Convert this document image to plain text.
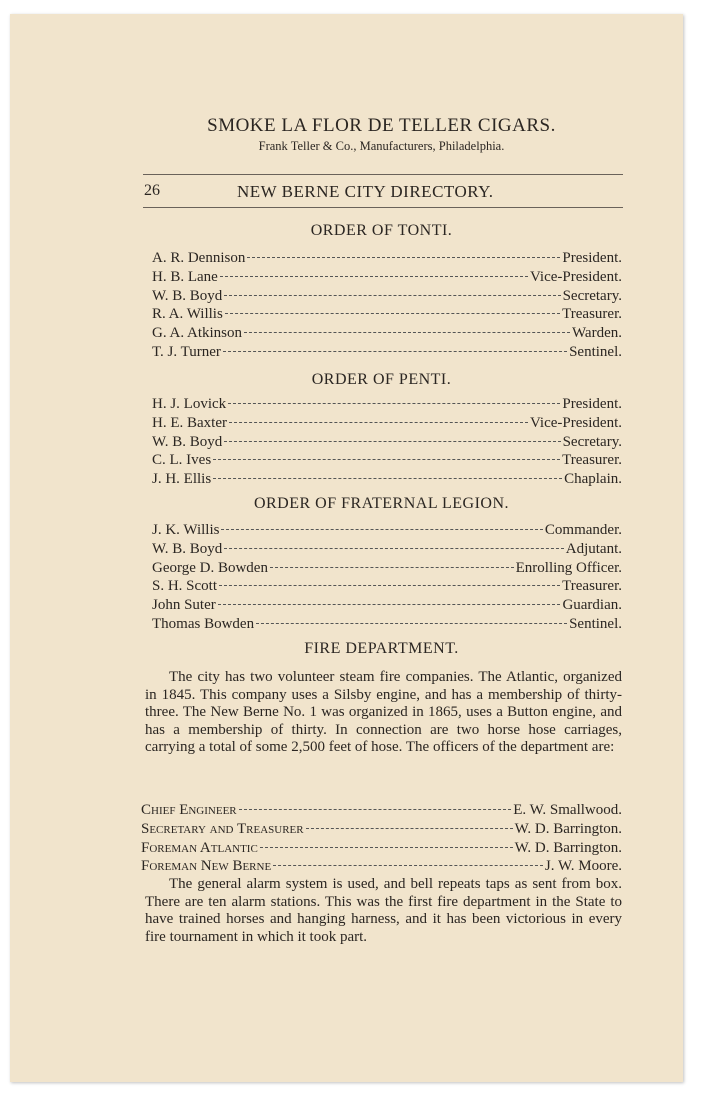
SMOKE LA FLOR DE TELLER CIGARS.
Frank Teller & Co., Manufacturers, Philadelphia.
26	NEW BERNE CITY DIRECTORY.
ORDER OF TONTI.
A. R. Dennison	President.
H. B. Lane	Vice-President.
W. B. Boyd	Secretary.
R. A. Willis	Treasurer.
G. A. Atkinson	Warden.
T. J. Turner	Sentinel.
ORDER OF PENTI.
H. J. Lovick	President.
H. E. Baxter	Vice-President.
W. B. Boyd	Secretary.
C. L. Ives	Treasurer.
J. H. Ellis	Chaplain.
ORDER OF FRATERNAL LEGION.
J. K. Willis	Commander.
W. B. Boyd	Adjutant.
George D. Bowden	Enrolling Officer.
S. H. Scott	Treasurer.
John Suter	Guardian.
Thomas Bowden	Sentinel.
FIRE DEPARTMENT.
The city has two volunteer steam fire companies. The Atlantic, organized in 1845. This company uses a Silsby engine, and has a membership of thirty-three. The New Berne No. 1 was organized in 1865, uses a Button engine, and has a membership of thirty. In connection are two horse hose carriages, carrying a total of some 2,500 feet of hose. The officers of the department are:
Chief Engineer	E. W. Smallwood.
Secretary and Treasurer	W. D. Barrington.
Foreman Atlantic	W. D. Barrington.
Foreman New Berne	J. W. Moore.
The general alarm system is used, and bell repeats taps as sent from box. There are ten alarm stations. This was the first fire department in the State to have trained horses and hanging harness, and it has been victorious in every fire tournament in which it took part.
